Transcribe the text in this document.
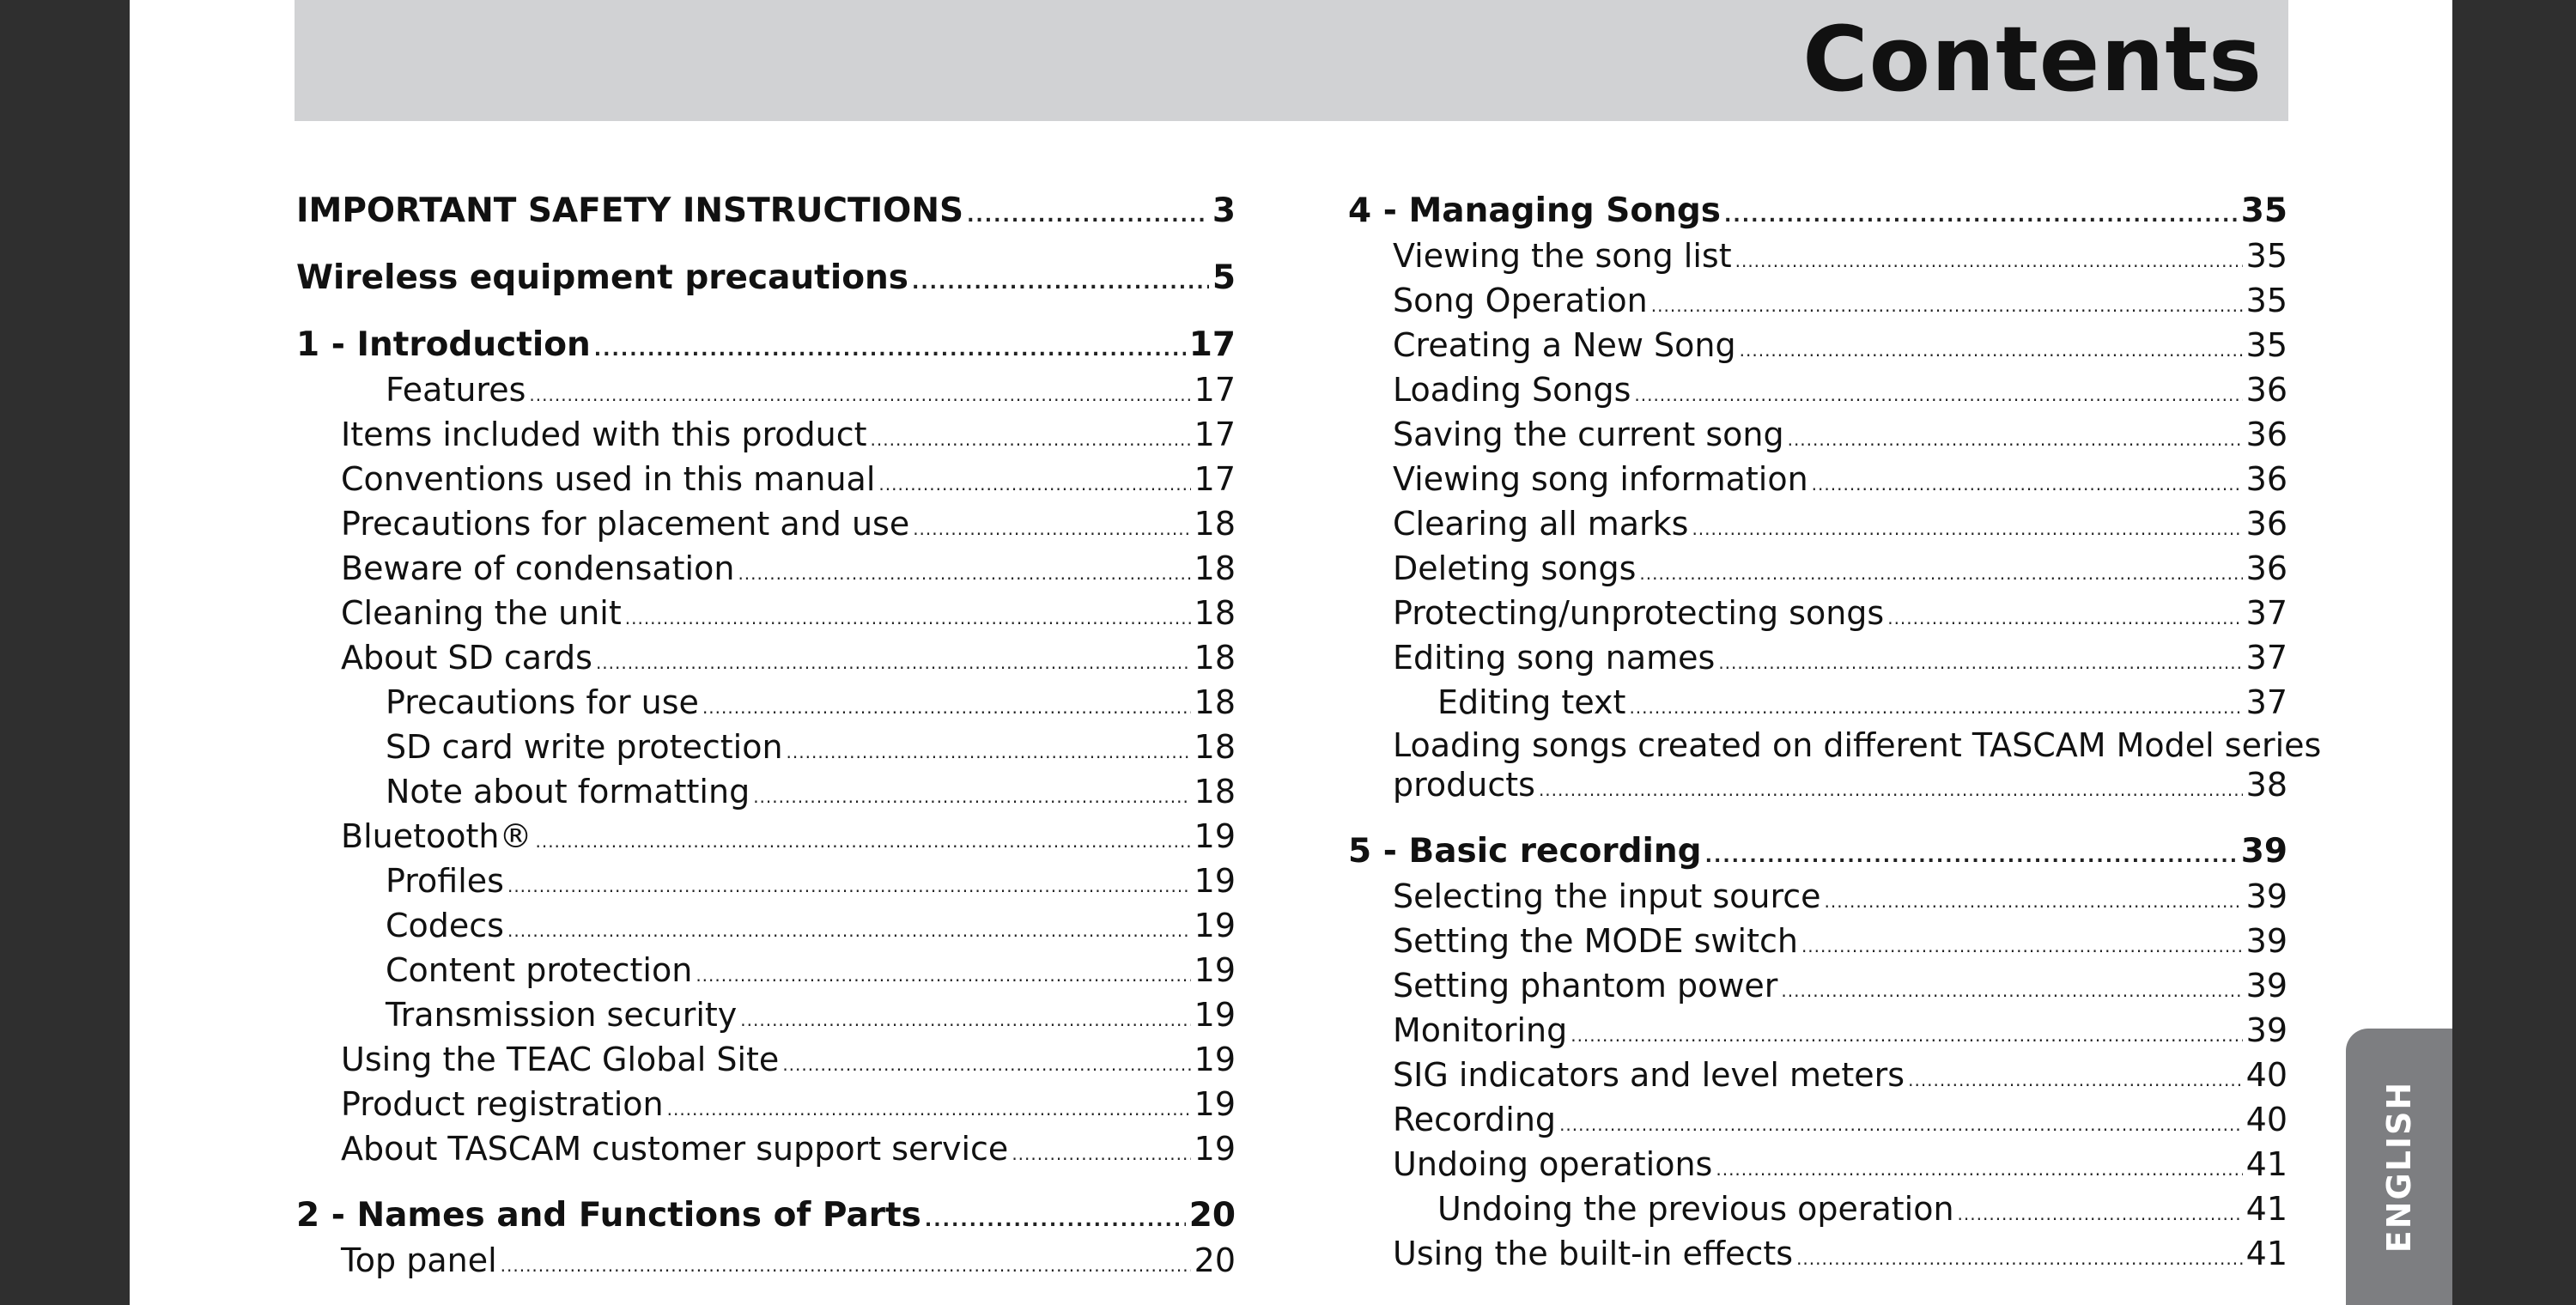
Contents
IMPORTANT SAFETY INSTRUCTIONS .....	3
Wireless equipment precautions .....	5
1 - Introduction .....	17
Features .....	17
Items included with this product .....	17
Conventions used in this manual .....	17
Precautions for placement and use .....	18
Beware of condensation .....	18
Cleaning the unit .....	18
About SD cards .....	18
Precautions for use .....	18
SD card write protection .....	18
Note about formatting .....	18
Bluetooth® .....	19
Profiles .....	19
Codecs .....	19
Content protection .....	19
Transmission security .....	19
Using the TEAC Global Site .....	19
Product registration .....	19
About TASCAM customer support service .....	19
2 - Names and Functions of Parts .....	20
Top panel .....	20
4 - Managing Songs .....	35
Viewing the song list .....	35
Song Operation .....	35
Creating a New Song .....	35
Loading Songs .....	36
Saving the current song .....	36
Viewing song information .....	36
Clearing all marks .....	36
Deleting songs .....	36
Protecting/unprotecting songs .....	37
Editing song names .....	37
Editing text .....	37
Loading songs created on different TASCAM Model series
products .....	38
5 - Basic recording .....	39
Selecting the input source .....	39
Setting the MODE switch .....	39
Setting phantom power .....	39
Monitoring .....	39
SIG indicators and level meters .....	40
Recording .....	40
Undoing operations .....	41
Undoing the previous operation .....	41
Using the built-in effects .....	41
ENGLISH
